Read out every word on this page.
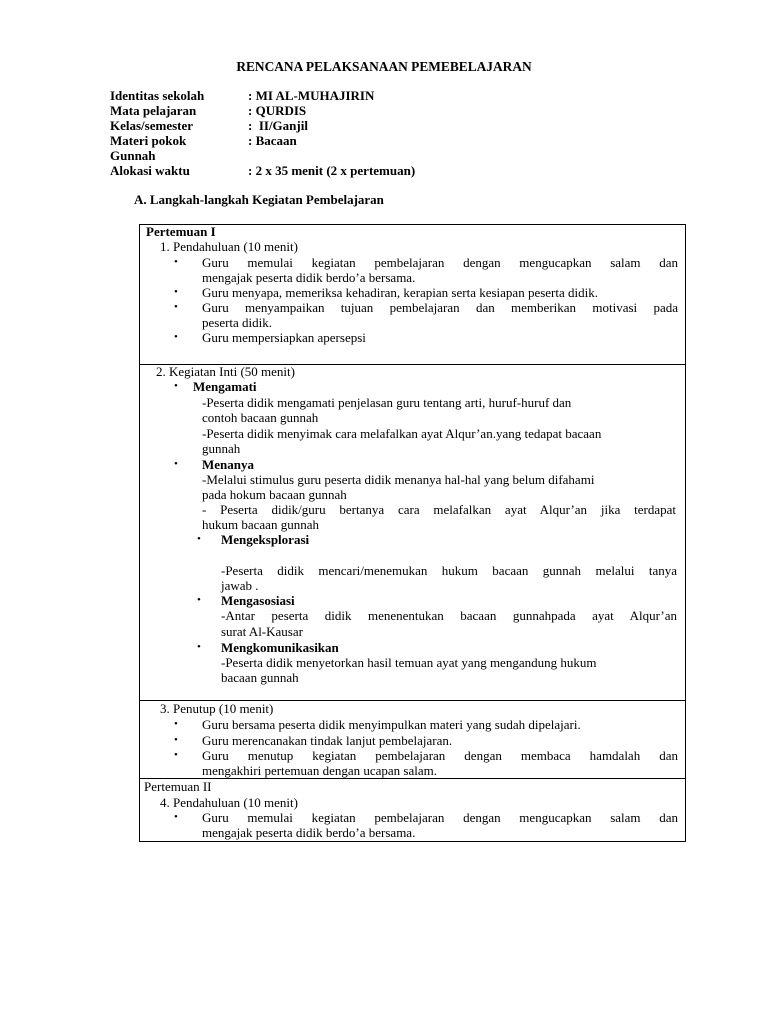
RENCANA PELAKSANAAN PEMEBELAJARAN
Identitas sekolah	: MI AL-MUHAJIRIN
Mata pelajaran	: QURDIS
Kelas/semester	:  II/Ganjil
Materi pokok	: Bacaan
Gunnah
Alokasi waktu	: 2 x 35 menit (2 x pertemuan)
A. Langkah-langkah Kegiatan Pembelajaran
Pertemuan I
1. Pendahuluan (10 menit)
• Guru memulai kegiatan pembelajaran dengan mengucapkan salam dan
mengajak peserta didik berdo’a bersama.
• Guru menyapa, memeriksa kehadiran, kerapian serta kesiapan peserta didik.
• Guru menyampaikan tujuan pembelajaran dan memberikan motivasi pada
peserta didik.
• Guru mempersiapkan apersepsi
2. Kegiatan Inti (50 menit)
• Mengamati
-Peserta didik mengamati penjelasan guru tentang arti, huruf-huruf dan
contoh bacaan gunnah
-Peserta didik menyimak cara melafalkan ayat Alqur’an.yang tedapat bacaan
gunnah
• Menanya
-Melalui stimulus guru peserta didik menanya hal-hal yang belum difahami
pada hokum bacaan gunnah
- Peserta didik/guru bertanya cara melafalkan ayat Alqur’an jika terdapat
hukum bacaan gunnah
• Mengeksplorasi
-Peserta didik mencari/menemukan hukum bacaan gunnah melalui tanya
jawab .
• Mengasosiasi
-Antar peserta didik menenentukan bacaan gunnahpada ayat Alqur’an
surat Al-Kausar
• Mengkomunikasikan
-Peserta didik menyetorkan hasil temuan ayat yang mengandung hukum
bacaan gunnah
3. Penutup (10 menit)
• Guru bersama peserta didik menyimpulkan materi yang sudah dipelajari.
• Guru merencanakan tindak lanjut pembelajaran.
• Guru menutup kegiatan pembelajaran dengan membaca hamdalah dan
mengakhiri pertemuan dengan ucapan salam.
Pertemuan II
4. Pendahuluan (10 menit)
• Guru memulai kegiatan pembelajaran dengan mengucapkan salam dan
mengajak peserta didik berdo’a bersama.
